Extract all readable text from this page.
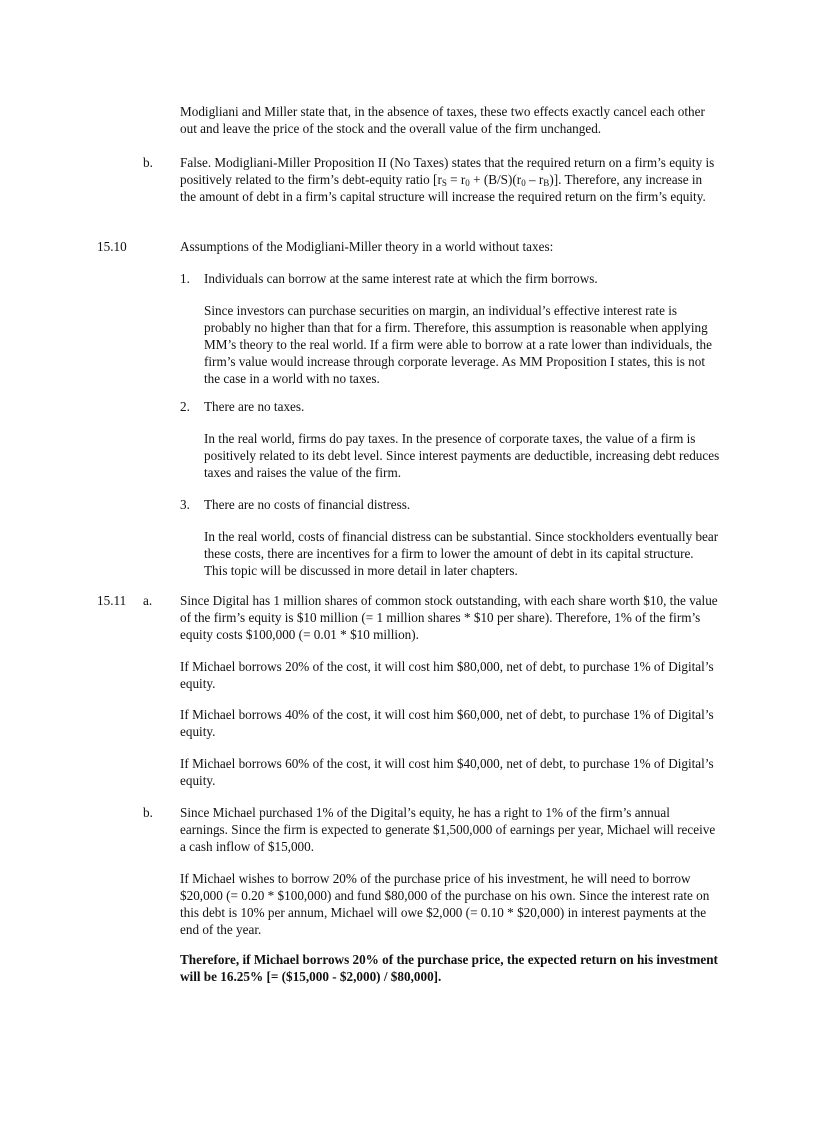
Modigliani and Miller state that, in the absence of taxes, these two effects exactly cancel each other out and leave the price of the stock and the overall value of the firm unchanged.

b. False. Modigliani-Miller Proposition II (No Taxes) states that the required return on a firm’s equity is positively related to the firm’s debt-equity ratio $[r_S = r_0 + (B/S)(r_0 - r_B)]$. Therefore, any increase in the amount of debt in a firm’s capital structure will increase the required return on the firm’s equity.

15.10	Assumptions of the Modigliani-Miller theory in a world without taxes:

1. Individuals can borrow at the same interest rate at which the firm borrows.

Since investors can purchase securities on margin, an individual’s effective interest rate is probably no higher than that for a firm. Therefore, this assumption is reasonable when applying MM’s theory to the real world. If a firm were able to borrow at a rate lower than individuals, the firm’s value would increase through corporate leverage. As MM Proposition I states, this is not the case in a world with no taxes.

2. There are no taxes.

In the real world, firms do pay taxes. In the presence of corporate taxes, the value of a firm is positively related to its debt level. Since interest payments are deductible, increasing debt reduces taxes and raises the value of the firm.

3. There are no costs of financial distress.

In the real world, costs of financial distress can be substantial. Since stockholders eventually bear these costs, there are incentives for a firm to lower the amount of debt in its capital structure. This topic will be discussed in more detail in later chapters.

15.11 a. Since Digital has 1 million shares of common stock outstanding, with each share worth $10, the value of the firm’s equity is $10 million (= 1 million shares * $10 per share). Therefore, 1% of the firm’s equity costs $100,000 (= 0.01 * $10 million).

If Michael borrows 20% of the cost, it will cost him $80,000, net of debt, to purchase 1% of Digital’s equity.

If Michael borrows 40% of the cost, it will cost him $60,000, net of debt, to purchase 1% of Digital’s equity.

If Michael borrows 60% of the cost, it will cost him $40,000, net of debt, to purchase 1% of Digital’s equity.

b. Since Michael purchased 1% of the Digital’s equity, he has a right to 1% of the firm’s annual earnings. Since the firm is expected to generate $1,500,000 of earnings per year, Michael will receive a cash inflow of $15,000.

If Michael wishes to borrow 20% of the purchase price of his investment, he will need to borrow $20,000 (= 0.20 * $100,000) and fund $80,000 of the purchase on his own. Since the interest rate on this debt is 10% per annum, Michael will owe $2,000 (= 0.10 * $20,000) in interest payments at the end of the year.

Therefore, if Michael borrows 20% of the purchase price, the expected return on his investment will be 16.25% [= ($15,000 - $2,000) / $80,000].
